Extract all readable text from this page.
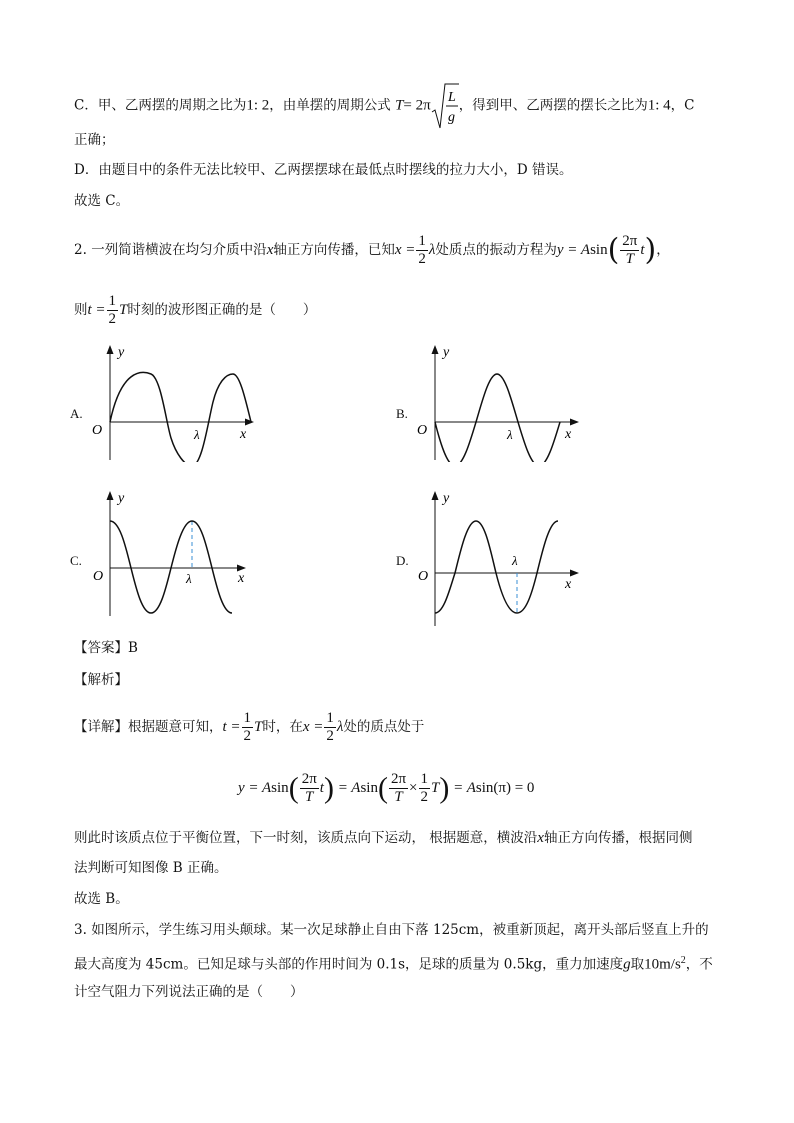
C．甲、乙两摆的周期之比为1: 2，由单摆的周期公式 T= 2π L
g
，得到甲、乙两摆的摆长之比为1: 4，C
正确；
D．由题目中的条件无法比较甲、乙两摆摆球在最低点时摆线的拉力大小，D 错误。
故选 C。
2. 一列简谐横波在均匀介质中沿x轴正方向传播，已知$x = \frac{1}{2}$ λ处质点的振动方程为$y = Asin( \frac{2\pi}{T} t)$，
则$t = \frac{1}{2}$ T时刻的波形图正确的是（　　）
A.
y
O	x
λ
B.
y
O	x
λ
C.
y
O	x
λ
D.
y
O
x
λ
【答案】B
【解析】
【详解】根据题意可知，$t = \frac{1}{2}$ T时，在$x = \frac{1}{2}$ λ处的质点处于
$y = Asin( \frac{2\pi}{T} t) = Asin( \frac{2\pi}{T} \times \frac{1}{2} T) = Asin(\pi) = 0$
则此时该质点位于平衡位置，下一时刻，该质点向下运动， 根据题意，横波沿x轴正方向传播，根据同侧
法判断可知图像 B 正确。
故选 B。
3. 如图所示，学生练习用头颠球。某一次足球静止自由下落 125cm，被重新顶起，离开头部后竖直上升的
最大高度为 45cm。已知足球与头部的作用时间为 0.1s，足球的质量为 0.5kg，重力加速度g取$10m/s^2$，不
计空气阻力下列说法正确的是（　　）
